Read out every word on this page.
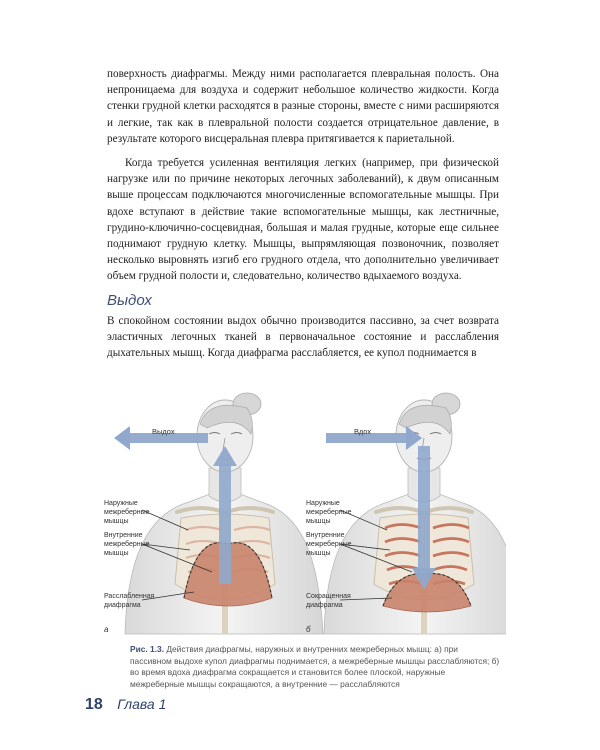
поверхность диафрагмы. Между ними располагается плевральная полость. Она непроницаема для воздуха и содержит небольшое количество жидкости. Когда стенки грудной клетки расходятся в разные стороны, вместе с ними расширяются и легкие, так как в плевральной полости создается отрицательное давление, в результате которого висцеральная плевра притягивается к париетальной.

Когда требуется усиленная вентиляция легких (например, при физической нагрузке или по причине некоторых легочных заболеваний), к двум описанным выше процессам подключаются многочисленные вспомогательные мышцы. При вдохе вступают в действие такие вспомогательные мышцы, как лестничные, грудино-ключично-сосцевидная, большая и малая грудные, которые еще сильнее поднимают грудную клетку. Мышцы, выпрямляющая позвоночник, позволяет несколько выровнять изгиб его грудного отдела, что дополнительно увеличивает объем грудной полости и, следовательно, количество вдыхаемого воздуха.

Выдох

В спокойном состоянии выдох обычно производится пассивно, за счет возврата эластичных легочных тканей в первоначальное состояние и расслабления дыхательных мышц. Когда диафрагма расслабляется, ее купол поднимается в

Выдох
Наружные
межреберные
мышцы
Внутренние
межреберные
мышцы
Расслабленная
диафрагма
а
Вдох
Наружные
межреберные
мышцы
Внутренние
межреберные
мышцы
Сокращенная
диафрагма
б
Рис. 1.3. Действия диафрагмы, наружных и внутренних межреберных мышц: а) при пассивном выдохе купол диафрагмы поднимается, а межреберные мышцы расслабляются; б) во время вдоха диафрагма сокращается и становится более плоской, наружные межреберные мышцы сокращаются, а внутренние — расслабляются
18 Глава 1
